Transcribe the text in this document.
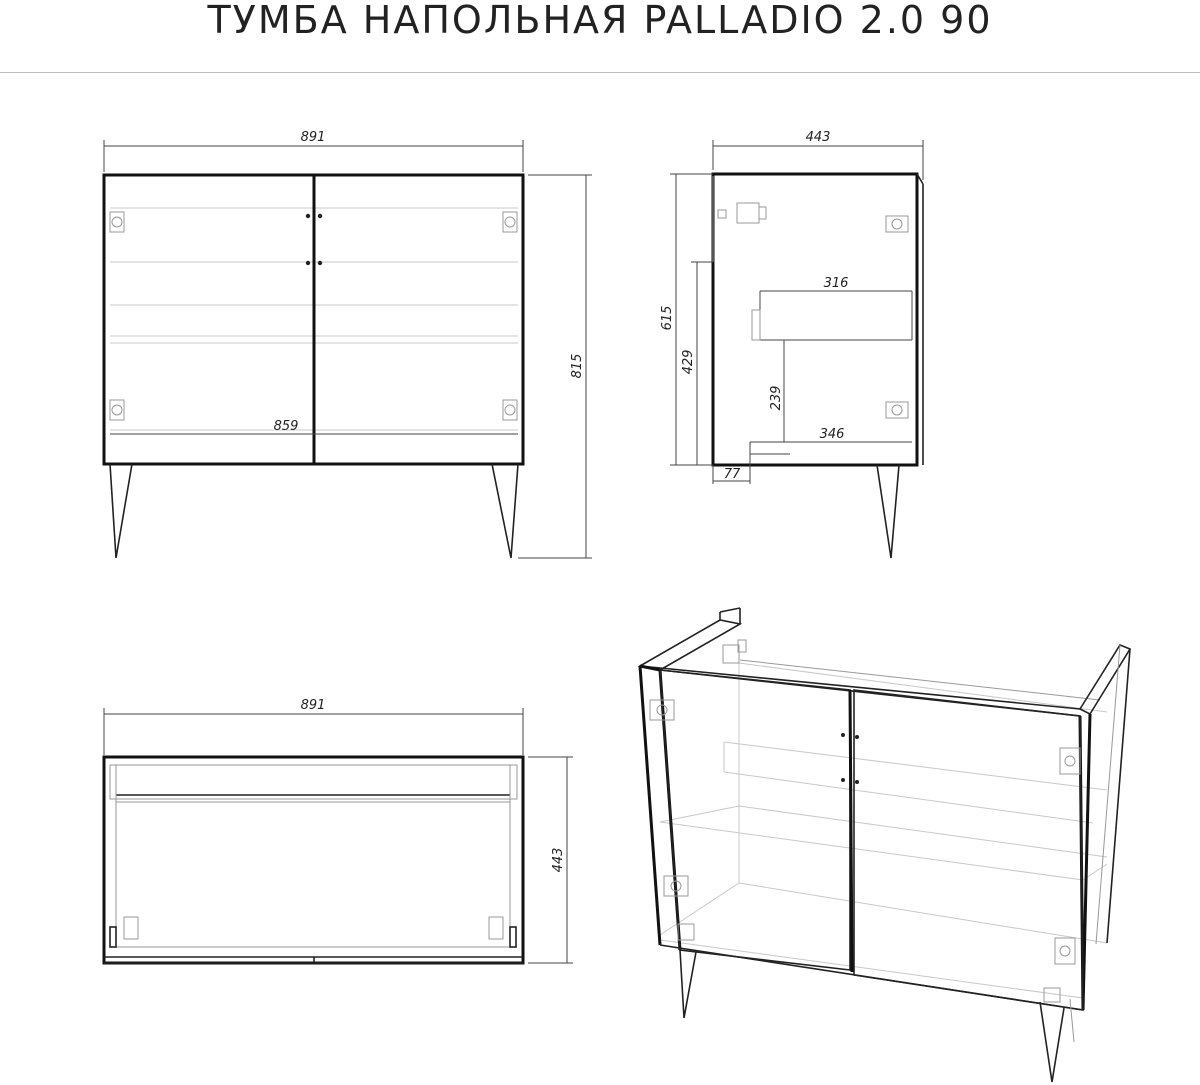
ТУМБА НАПОЛЬНАЯ PALLADIO 2.0 90
891
859
815
316
346
239
443
615
429
77
891
443
